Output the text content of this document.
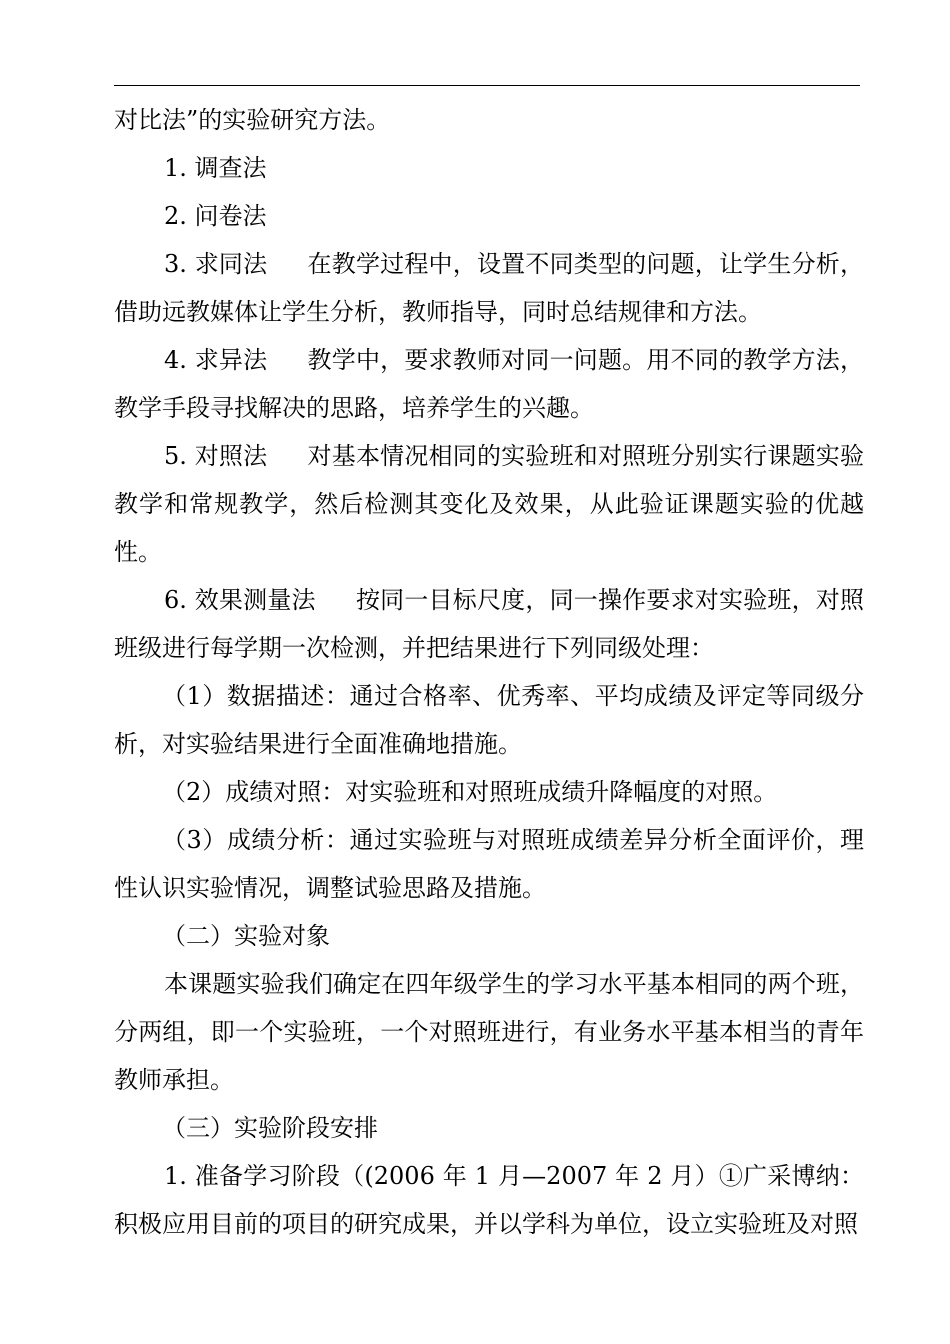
对比法”的实验研究方法。

1. 调查法

2. 问卷法

3. 求同法 在教学过程中，设置不同类型的问题，让学生分析，借助远教媒体让学生分析，教师指导，同时总结规律和方法。

4. 求异法 教学中，要求教师对同一问题。用不同的教学方法，教学手段寻找解决的思路，培养学生的兴趣。

5. 对照法 对基本情况相同的实验班和对照班分别实行课题实验教学和常规教学，然后检测其变化及效果，从此验证课题实验的优越性。

6. 效果测量法 按同一目标尺度，同一操作要求对实验班，对照班级进行每学期一次检测，并把结果进行下列同级处理：

（1）数据描述：通过合格率、优秀率、平均成绩及评定等同级分析，对实验结果进行全面准确地措施。

（2）成绩对照：对实验班和对照班成绩升降幅度的对照。

（3）成绩分析：通过实验班与对照班成绩差异分析全面评价，理性认识实验情况，调整试验思路及措施。

（二）实验对象

本课题实验我们确定在四年级学生的学习水平基本相同的两个班，分两组，即一个实验班，一个对照班进行，有业务水平基本相当的青年教师承担。

（三）实验阶段安排

1. 准备学习阶段（(2006 年 1 月—2007 年 2 月）①广采博纳：积极应用目前的项目的研究成果，并以学科为单位，设立实验班及对照
